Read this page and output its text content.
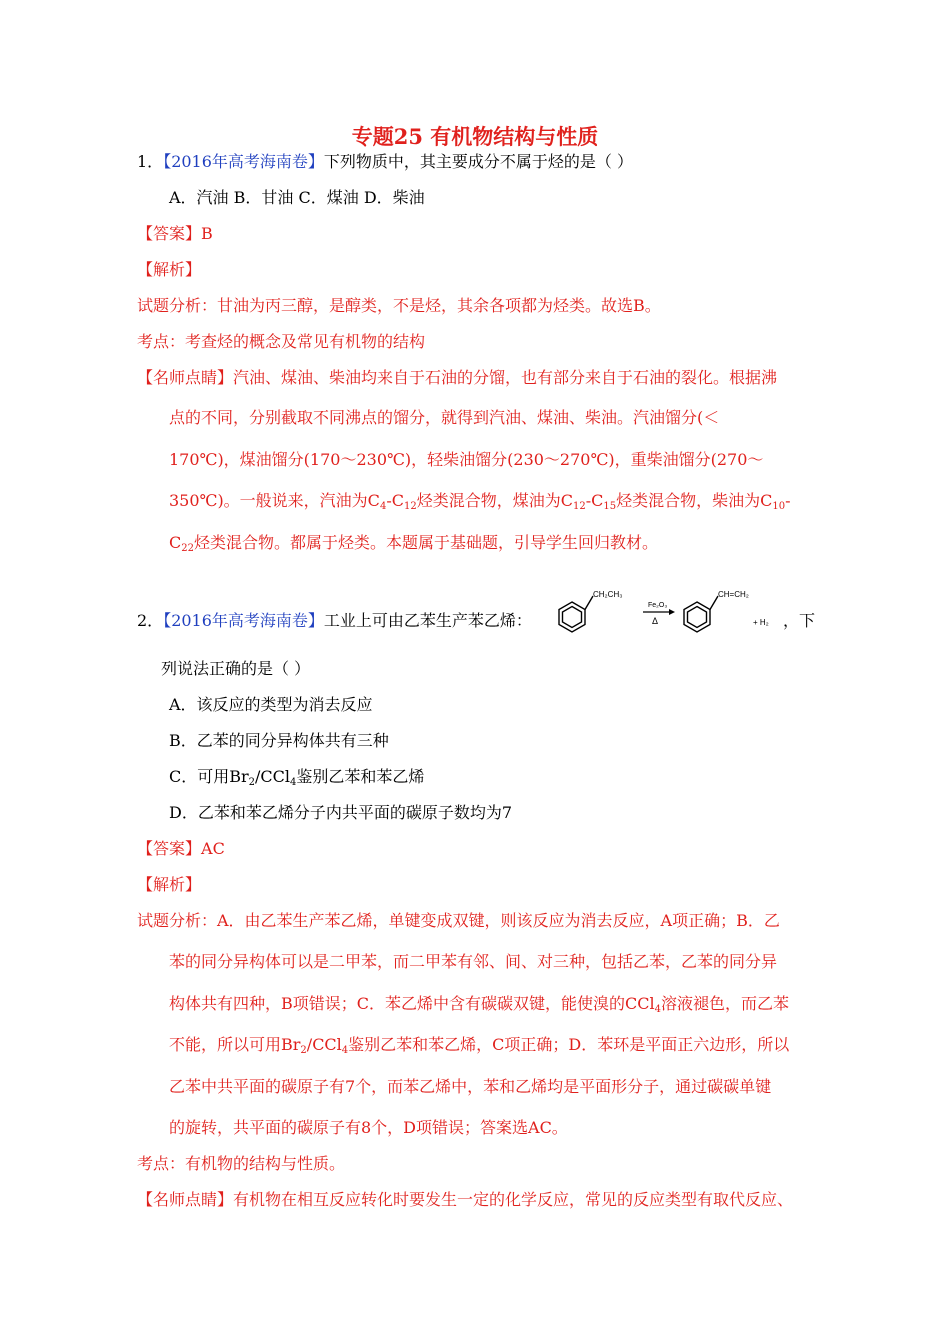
专题25 有机物结构与性质
1．【2016年高考海南卷】下列物质中，其主要成分不属于烃的是（ ）
A．汽油 B．甘油 C．煤油 D．柴油
【答案】B
【解析】
试题分析：甘油为丙三醇，是醇类，不是烃，其余各项都为烃类。故选B。
考点：考查烃的概念及常见有机物的结构
【名师点睛】汽油、煤油、柴油均来自于石油的分馏，也有部分来自于石油的裂化。根据沸
点的不同，分别截取不同沸点的馏分，就得到汽油、煤油、柴油。汽油馏分(＜
170℃)，煤油馏分(170～230℃)，轻柴油馏分(230～270℃)，重柴油馏分(270～
350℃)。一般说来，汽油为$C_4-C_{12}$烃类混合物，煤油为$C_{12}-C_{15}$烃类混合物，柴油为$C_{10}-$
$C_{22}$烃类混合物。都属于烃类。本题属于基础题，引导学生回归教材。
2．【2016年高考海南卷】工业上可由乙苯生产苯乙烯：
CH₂CH₃
Fe₂O₃
Δ
CH=CH₂
+ H₂ ，下
列说法正确的是（ ）
A．该反应的类型为消去反应
B．乙苯的同分异构体共有三种
C．可用$Br_2/CCl_4$鉴别乙苯和苯乙烯
D．乙苯和苯乙烯分子内共平面的碳原子数均为7
【答案】AC
【解析】
试题分析：A．由乙苯生产苯乙烯，单键变成双键，则该反应为消去反应，A项正确；B．乙
苯的同分异构体可以是二甲苯，而二甲苯有邻、间、对三种，包括乙苯，乙苯的同分异
构体共有四种，B项错误；C．苯乙烯中含有碳碳双键，能使溴的CCl$_4$溶液褪色，而乙苯
不能，所以可用$Br_2/CCl_4$鉴别乙苯和苯乙烯，C项正确；D．苯环是平面正六边形，所以
乙苯中共平面的碳原子有7个，而苯乙烯中，苯和乙烯均是平面形分子，通过碳碳单键
的旋转，共平面的碳原子有8个，D项错误；答案选AC。
考点：有机物的结构与性质。
【名师点睛】有机物在相互反应转化时要发生一定的化学反应，常见的反应类型有取代反应、
